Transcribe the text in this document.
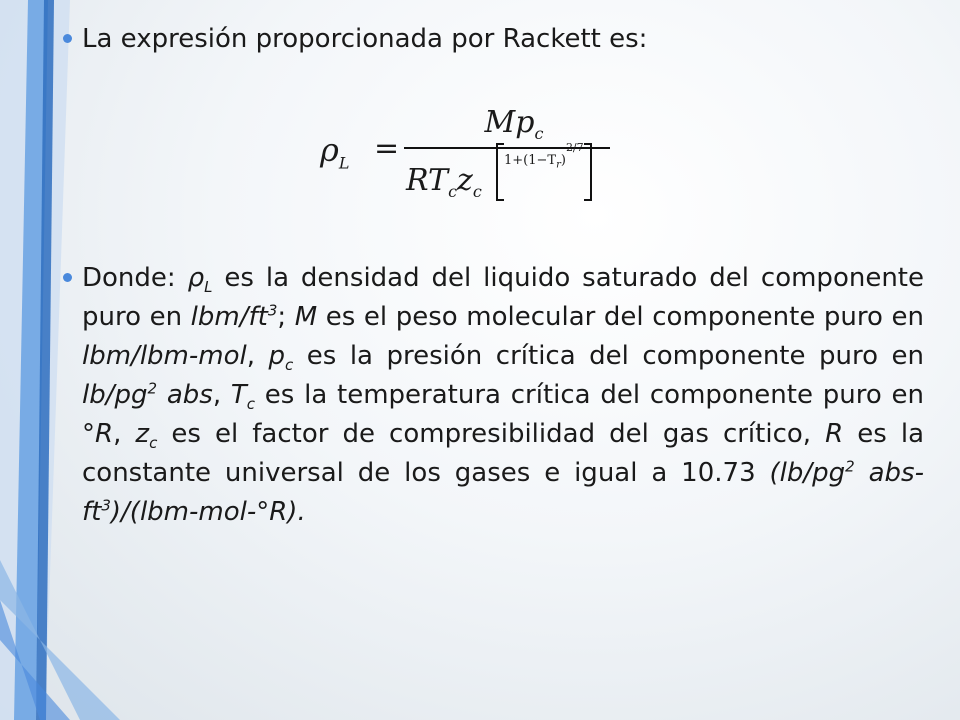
La expresión proporcionada por Rackett es:

$\rho_L$ =
$Mp_c$
$RT_cz_c$
$1+(1-T_r)^{2/7}$

Donde: $\rho_L$ es la densidad del liquido saturado del componente puro en lbm/$ft^3$; M es el peso molecular del componente puro en lbm/lbm-mol, $p_c$ es la presión crítica del componente puro en $lb/pg^2$ abs, $T_c$ es la temperatura crítica del componente puro en °R, $z_c$ es el factor de compresibilidad del gas crítico, R es la constante universal de los gases e igual a 10.73 ($lb/pg^2$ abs-$ft^3)/(lbm-mol-^\circ R)$.
